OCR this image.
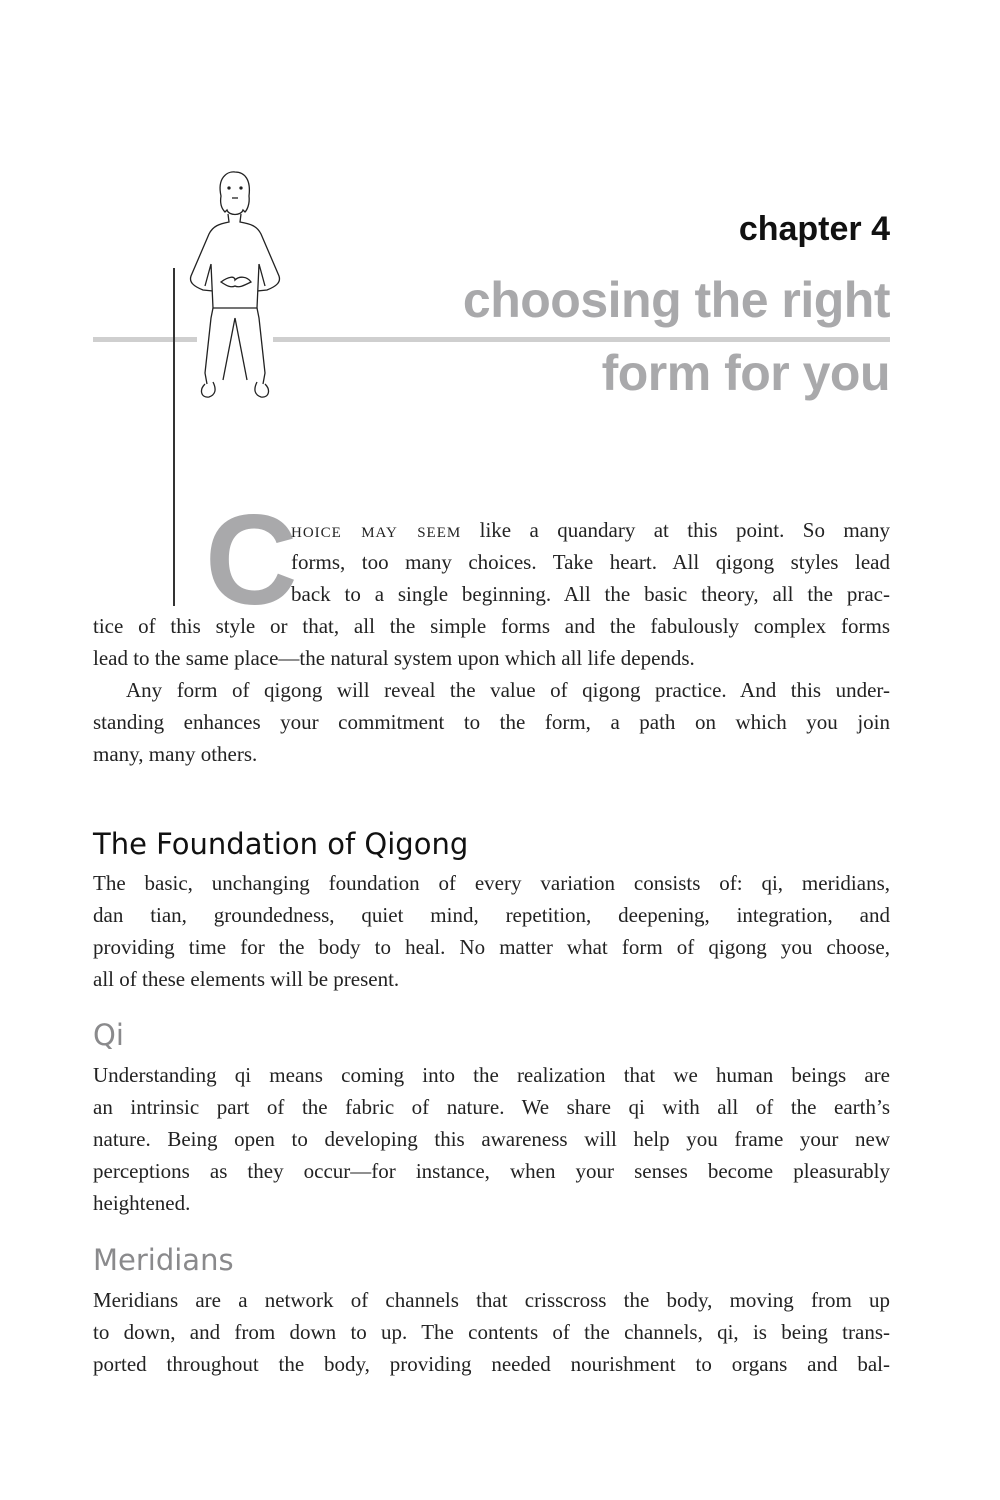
chapter 4
choosing the right
form for you
C
hoice may seem like a quandary at this point. So many
forms, too many choices. Take heart. All qigong styles lead
back to a single beginning. All the basic theory, all the prac-
tice of this style or that, all the simple forms and the fabulously complex forms
lead to the same place—the natural system upon which all life depends.
Any form of qigong will reveal the value of qigong practice. And this under-
standing enhances your commitment to the form, a path on which you join
many, many others.
The Foundation of Qigong
The basic, unchanging foundation of every variation consists of: qi, meridians,
dan tian, groundedness, quiet mind, repetition, deepening, integration, and
providing time for the body to heal. No matter what form of qigong you choose,
all of these elements will be present.
Qi
Understanding qi means coming into the realization that we human beings are
an intrinsic part of the fabric of nature. We share qi with all of the earth’s
nature. Being open to developing this awareness will help you frame your new
perceptions as they occur—for instance, when your senses become pleasurably
heightened.
Meridians
Meridians are a network of channels that crisscross the body, moving from up
to down, and from down to up. The contents of the channels, qi, is being trans-
ported throughout the body, providing needed nourishment to organs and bal-
